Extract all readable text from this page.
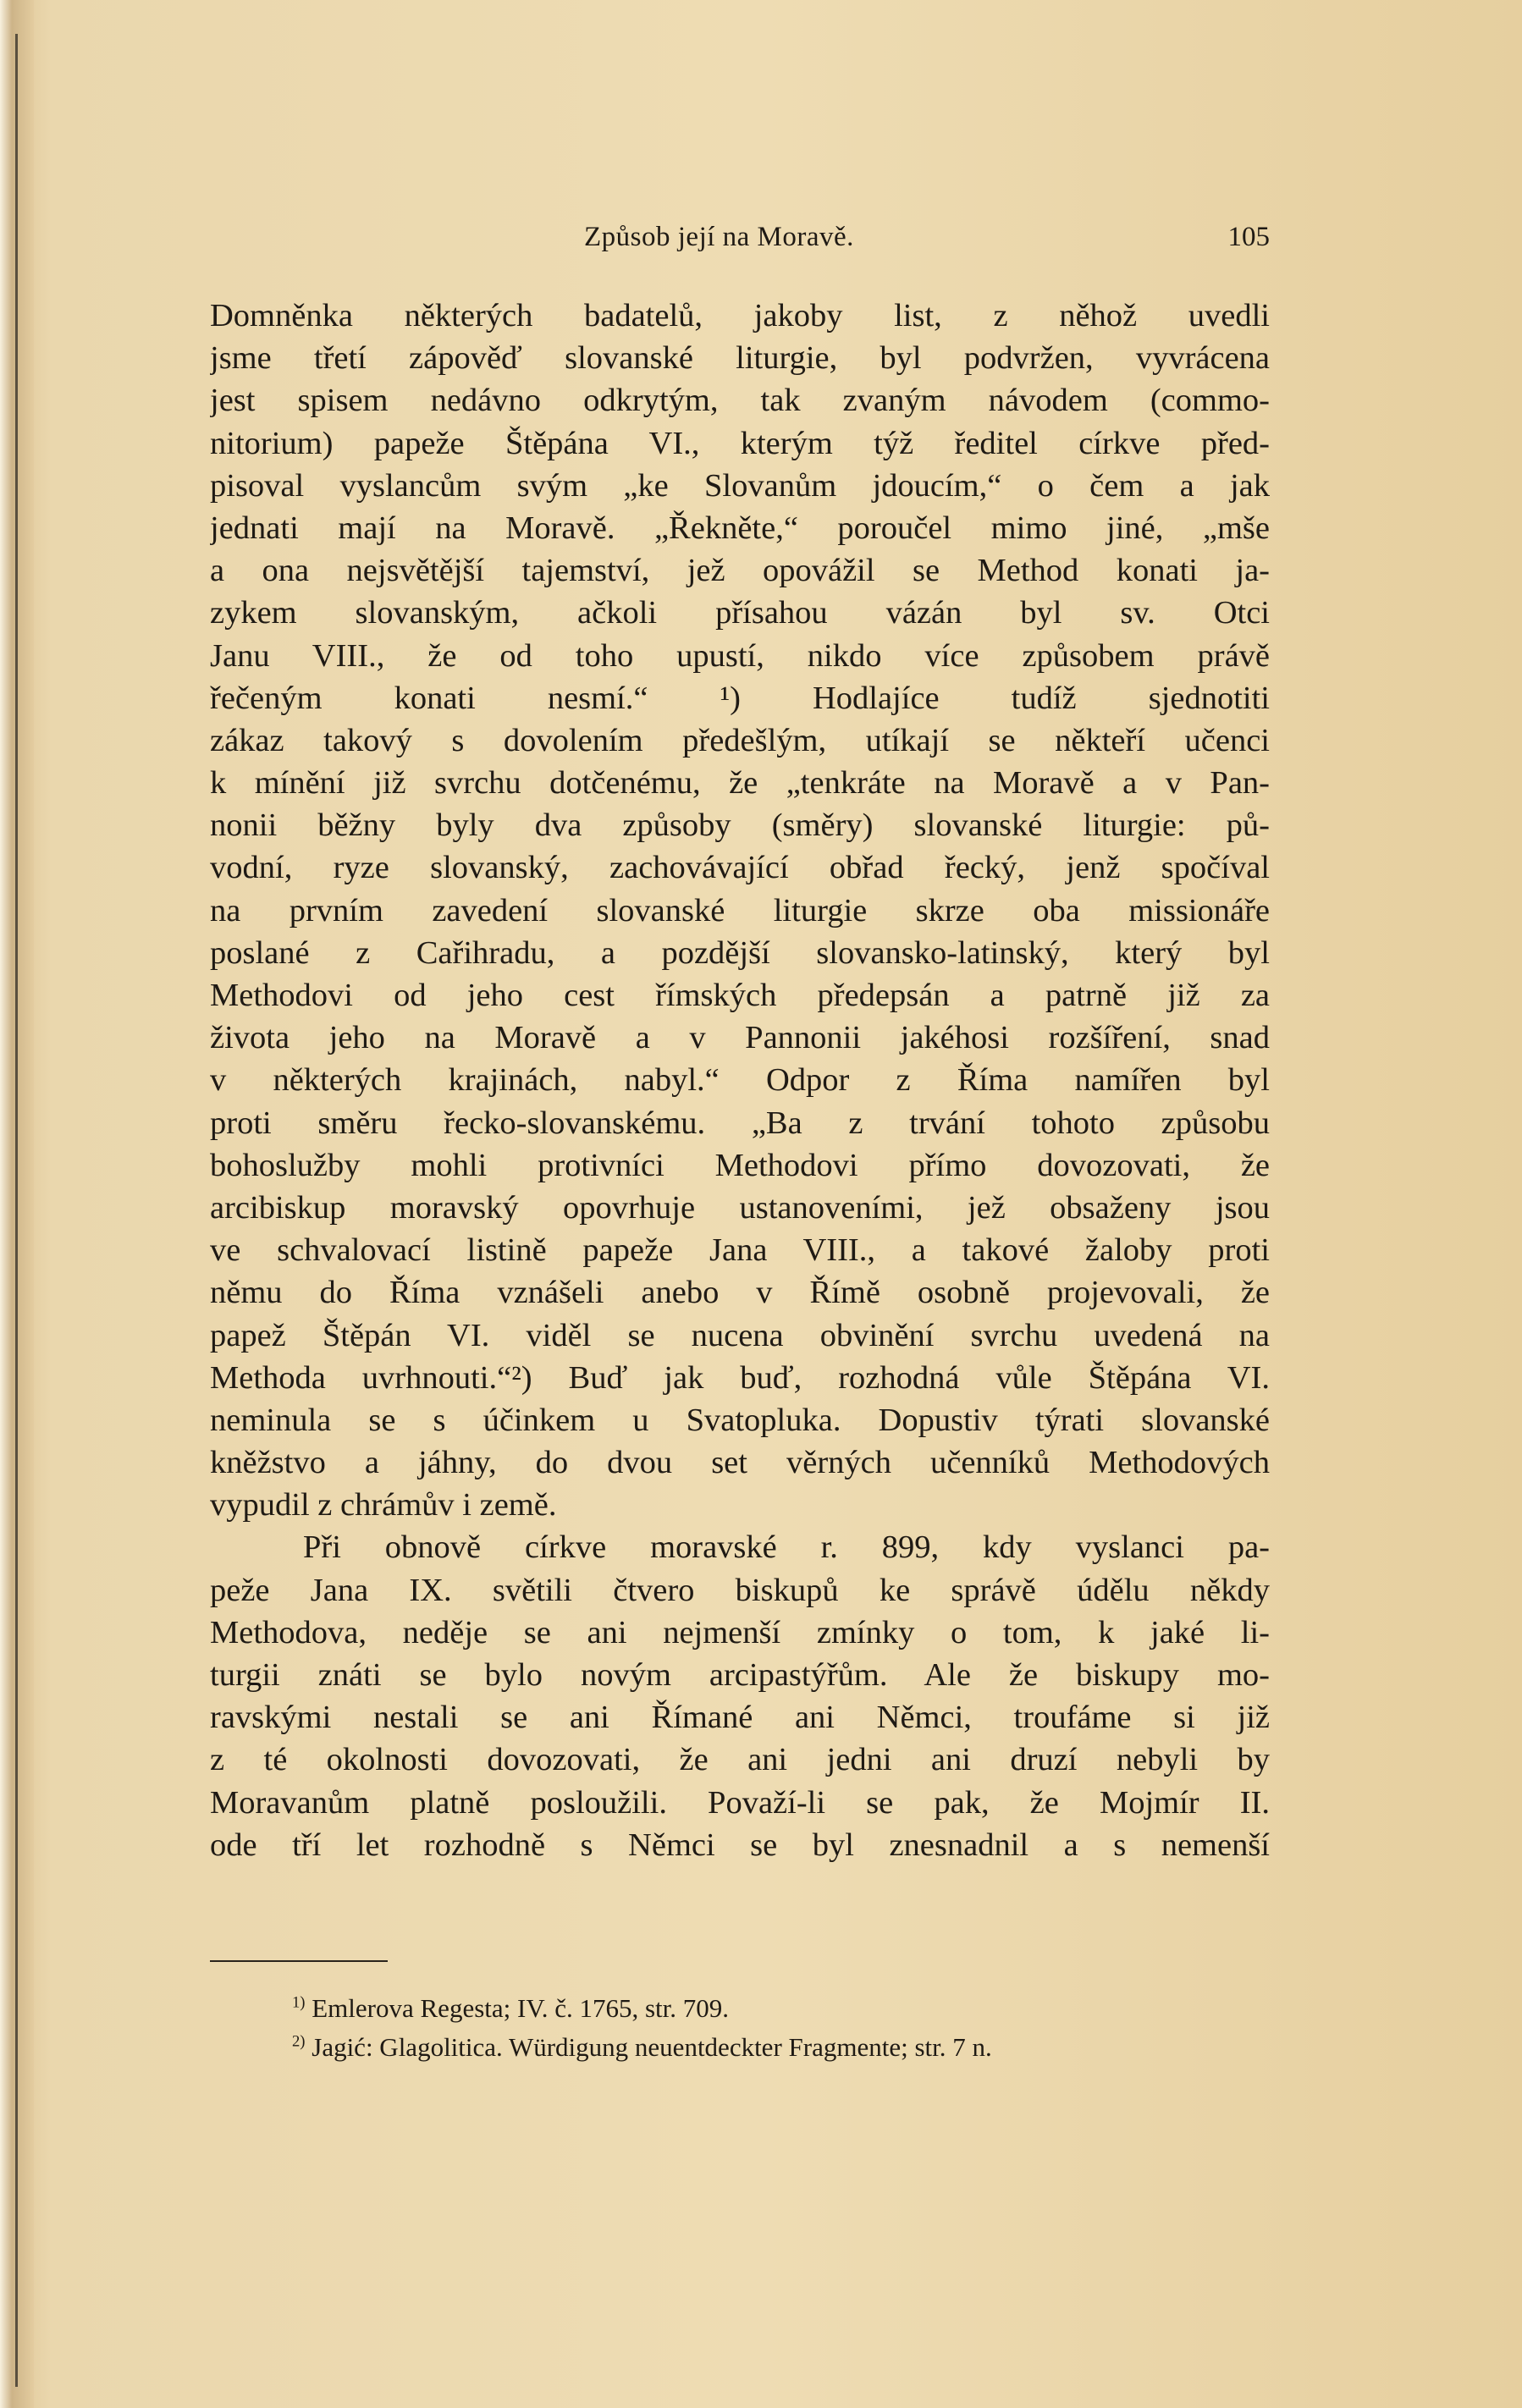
Způsob její na Moravě.	105
Domněnka některých badatelů, jakoby list, z něhož uvedli
jsme třetí zápověď slovanské liturgie, byl podvržen, vyvrácena
jest spisem nedávno odkrytým, tak zvaným návodem (commo-
nitorium) papeže Štěpána VI., kterým týž ředitel církve před-
pisoval vyslancům svým „ke Slovanům jdoucím,“ o čem a jak
jednati mají na Moravě. „Řekněte,“ poroučel mimo jiné, „mše
a ona nejsvětější tajemství, jež opovážil se Method konati ja-
zykem slovanským, ačkoli přísahou vázán byl sv. Otci
Janu VIII., že od toho upustí, nikdo více způsobem právě
řečeným konati nesmí.“ ¹) Hodlajíce tudíž sjednotiti
zákaz takový s dovolením předešlým, utíkají se někteří učenci
k mínění již svrchu dotčenému, že „tenkráte na Moravě a v Pan-
nonii běžny byly dva způsoby (směry) slovanské liturgie: pů-
vodní, ryze slovanský, zachovávající obřad řecký, jenž spočíval
na prvním zavedení slovanské liturgie skrze oba missionáře
poslané z Cařihradu, a pozdější slovansko-latinský, který byl
Methodovi od jeho cest římských předepsán a patrně již za
života jeho na Moravě a v Pannonii jakéhosi rozšíření, snad
v některých krajinách, nabyl.“ Odpor z Říma namířen byl
proti směru řecko-slovanskému. „Ba z trvání tohoto způsobu
bohoslužby mohli protivníci Methodovi přímo dovozovati, že
arcibiskup moravský opovrhuje ustanoveními, jež obsaženy jsou
ve schvalovací listině papeže Jana VIII., a takové žaloby proti
němu do Říma vznášeli anebo v Římě osobně projevovali, že
papež Štěpán VI. viděl se nucena obvinění svrchu uvedená na
Methoda uvrhnouti.“²) Buď jak buď, rozhodná vůle Štěpána VI.
neminula se s účinkem u Svatopluka. Dopustiv týrati slovanské
kněžstvo a jáhny, do dvou set věrných učenníků Methodových
vypudil z chrámův i země.
Při obnově církve moravské r. 899, kdy vyslanci pa-
peže Jana IX. světili čtvero biskupů ke správě údělu někdy
Methodova, neděje se ani nejmenší zmínky o tom, k jaké li-
turgii znáti se bylo novým arcipastýřům. Ale že biskupy mo-
ravskými nestali se ani Římané ani Němci, troufáme si již
z té okolnosti dovozovati, že ani jedni ani druzí nebyli by
Moravanům platně posloužili. Považí-li se pak, že Mojmír II.
ode tří let rozhodně s Němci se byl znesnadnil a s nemenší
$^{1)}$ Emlerova Regesta; IV. č. 1765, str. 709.
$^{2)}$ Jagić: Glagolitica. Würdigung neuentdeckter Fragmente; str. 7 n.
